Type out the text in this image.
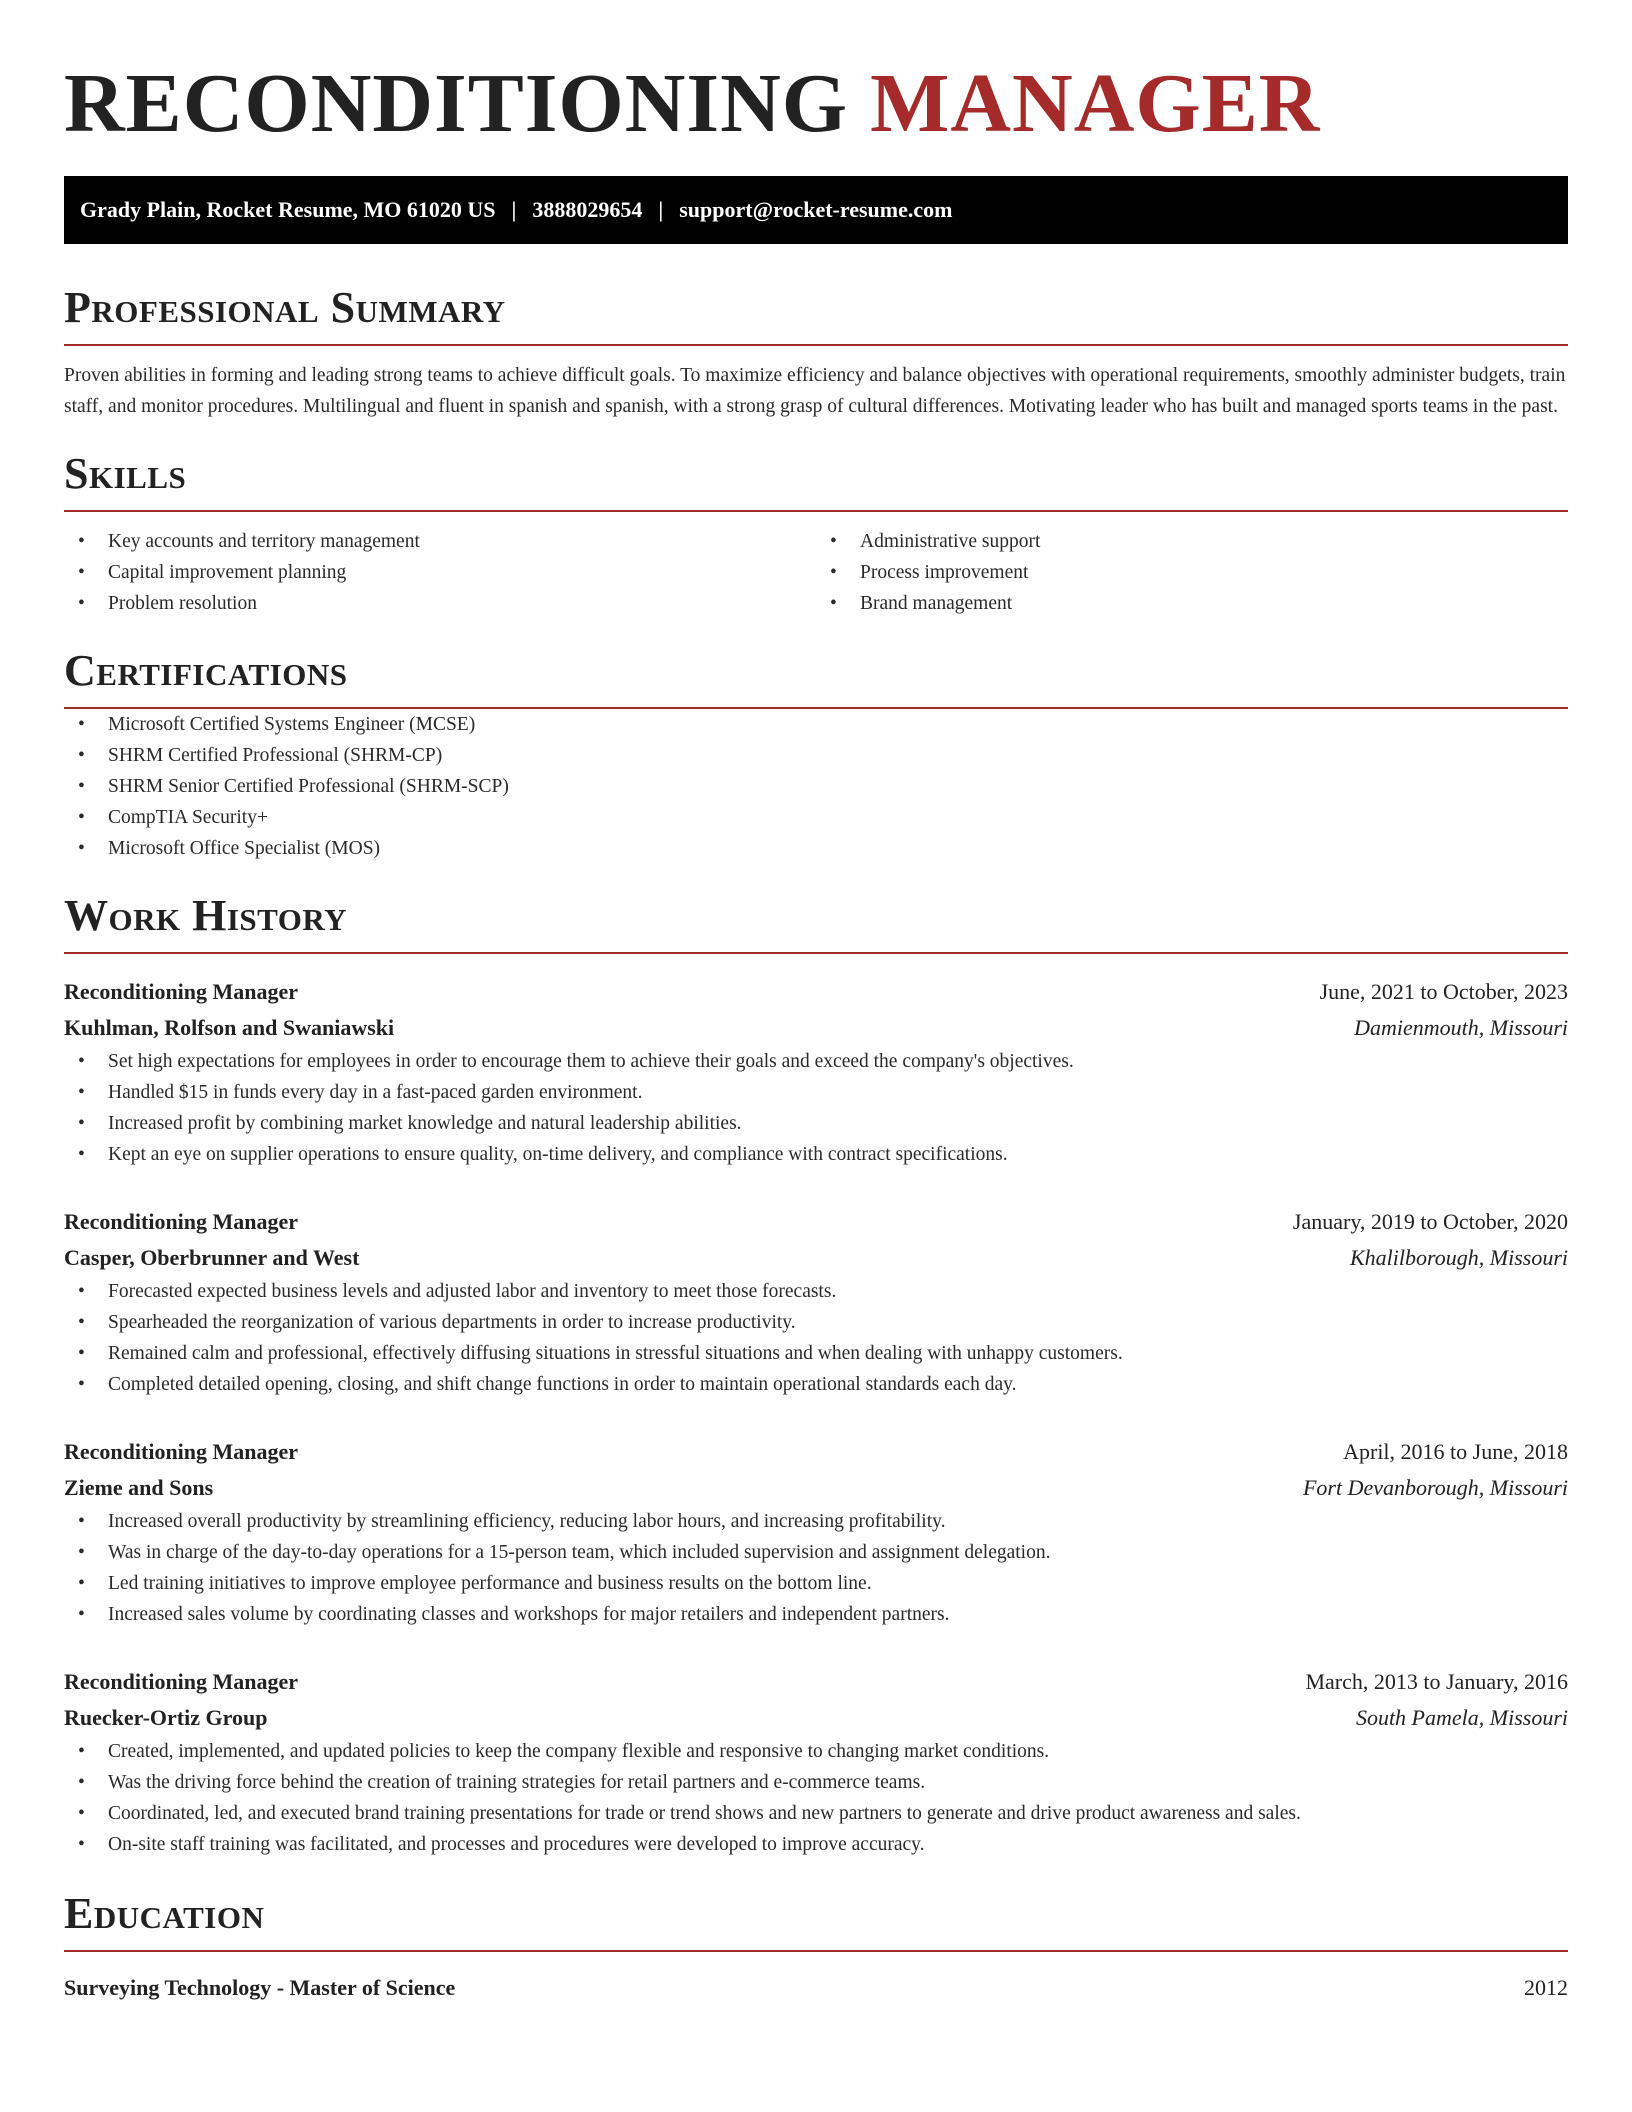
RECONDITIONING MANAGER
Grady Plain, Rocket Resume, MO 61020 US | 3888029654 | support@rocket-resume.com
Professional Summary

Proven abilities in forming and leading strong teams to achieve difficult goals. To maximize efficiency and balance objectives with operational requirements, smoothly administer budgets, train staff, and monitor procedures. Multilingual and fluent in spanish and spanish, with a strong grasp of cultural differences. Motivating leader who has built and managed sports teams in the past.

Skills
• Key accounts and territory management
• Capital improvement planning
• Problem resolution
• Administrative support
• Process improvement
• Brand management
Certifications
• Microsoft Certified Systems Engineer (MCSE)
• SHRM Certified Professional (SHRM-CP)
• SHRM Senior Certified Professional (SHRM-SCP)
• CompTIA Security+
• Microsoft Office Specialist (MOS)
Work History
Reconditioning Manager	June, 2021 to October, 2023
Kuhlman, Rolfson and Swaniawski	Damienmouth, Missouri
• Set high expectations for employees in order to encourage them to achieve their goals and exceed the company's objectives.
• Handled $15 in funds every day in a fast-paced garden environment.
• Increased profit by combining market knowledge and natural leadership abilities.
• Kept an eye on supplier operations to ensure quality, on-time delivery, and compliance with contract specifications.
Reconditioning Manager	January, 2019 to October, 2020
Casper, Oberbrunner and West	Khalilborough, Missouri
• Forecasted expected business levels and adjusted labor and inventory to meet those forecasts.
• Spearheaded the reorganization of various departments in order to increase productivity.
• Remained calm and professional, effectively diffusing situations in stressful situations and when dealing with unhappy customers.
• Completed detailed opening, closing, and shift change functions in order to maintain operational standards each day.
Reconditioning Manager	April, 2016 to June, 2018
Zieme and Sons	Fort Devanborough, Missouri
• Increased overall productivity by streamlining efficiency, reducing labor hours, and increasing profitability.
• Was in charge of the day-to-day operations for a 15-person team, which included supervision and assignment delegation.
• Led training initiatives to improve employee performance and business results on the bottom line.
• Increased sales volume by coordinating classes and workshops for major retailers and independent partners.
Reconditioning Manager	March, 2013 to January, 2016
Ruecker-Ortiz Group	South Pamela, Missouri
• Created, implemented, and updated policies to keep the company flexible and responsive to changing market conditions.
• Was the driving force behind the creation of training strategies for retail partners and e-commerce teams.
• Coordinated, led, and executed brand training presentations for trade or trend shows and new partners to generate and drive product awareness and sales.
• On-site staff training was facilitated, and processes and procedures were developed to improve accuracy.
Education
Surveying Technology - Master of Science	2012
